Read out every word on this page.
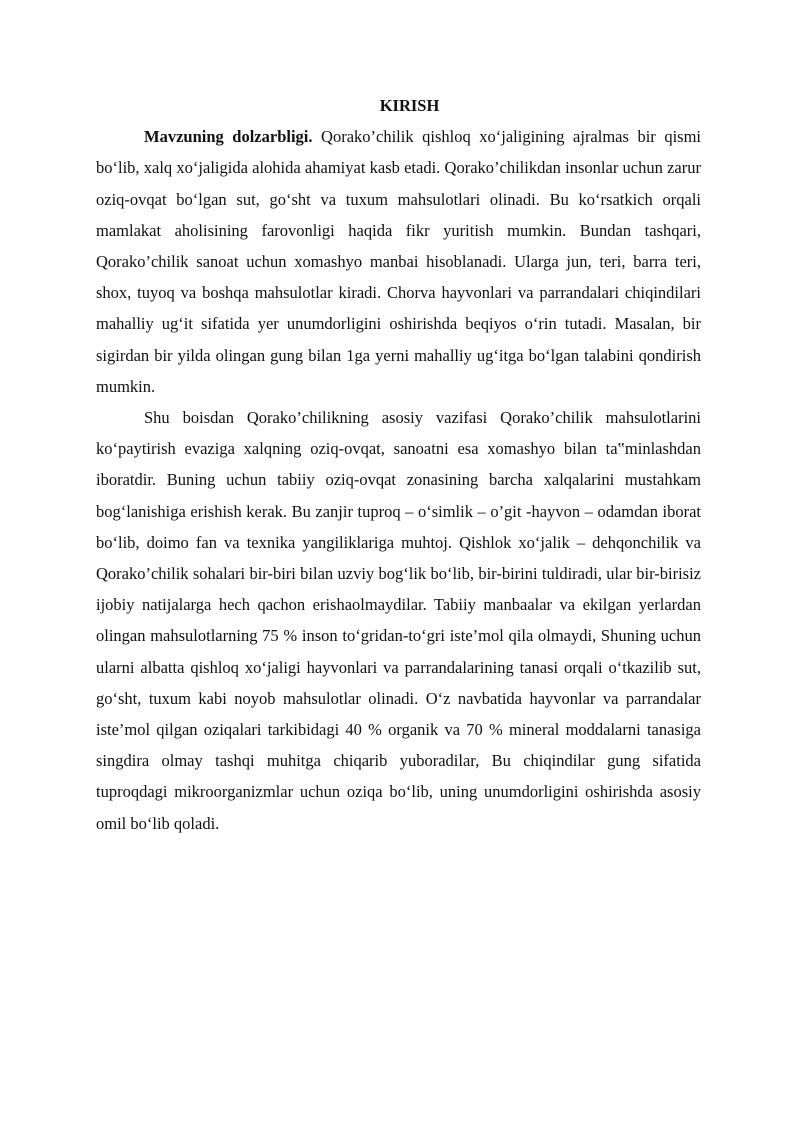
KIRISH

Mavzuning dolzarbligi. Qorako’chilik qishloq xo‘jaligining ajralmas bir qismi bo‘lib, xalq xo‘jaligida alohida ahamiyat kasb etadi. Qorako’chilikdan insonlar uchun zarur oziq-ovqat bo‘lgan sut, go‘sht va tuxum mahsulotlari olinadi. Bu ko‘rsatkich orqali mamlakat aholisining farovonligi haqida fikr yuritish mumkin. Bundan tashqari, Qorako’chilik sanoat uchun xomashyo manbai hisoblanadi. Ularga jun, teri, barra teri, shox, tuyoq va boshqa mahsulotlar kiradi. Chorva hayvonlari va parrandalari chiqindilari mahalliy ug‘it sifatida yer unumdorligini oshirishda beqiyos o‘rin tutadi. Masalan, bir sigirdan bir yilda olingan gung bilan 1ga yerni mahalliy ug‘itga bo‘lgan talabini qondirish mumkin.

Shu boisdan Qorako’chilikning asosiy vazifasi Qorako’chilik mahsulotlarini ko‘paytirish evaziga xalqning oziq-ovqat, sanoatni esa xomashyo bilan ta‟minlashdan iboratdir. Buning uchun tabiiy oziq-ovqat zonasining barcha xalqalarini mustahkam bog‘lanishiga erishish kerak. Bu zanjir tuproq – o‘simlik – o’git -hayvon – odamdan iborat bo‘lib, doimo fan va texnika yangiliklariga muhtoj. Qishlok xo‘jalik – dehqonchilik va Qorako’chilik sohalari bir-biri bilan uzviy bog‘lik bo‘lib, bir-birini tuldiradi, ular bir-birisiz ijobiy natijalarga hech qachon erishaolmaydilar. Tabiiy manbaalar va ekilgan yerlardan olingan mahsulotlarning 75 % inson to‘gridan-to‘gri iste’mol qila olmaydi, Shuning uchun ularni albatta qishloq xo‘jaligi hayvonlari va parrandalarining tanasi orqali o‘tkazilib sut, go‘sht, tuxum kabi noyob mahsulotlar olinadi. O‘z navbatida hayvonlar va parrandalar iste’mol qilgan oziqalari tarkibidagi 40 % organik va 70 % mineral moddalarni tanasiga singdira olmay tashqi muhitga chiqarib yuboradilar, Bu chiqindilar gung sifatida tuproqdagi mikroorganizmlar uchun oziqa bo‘lib, uning unumdorligini oshirishda asosiy omil bo‘lib qoladi.
